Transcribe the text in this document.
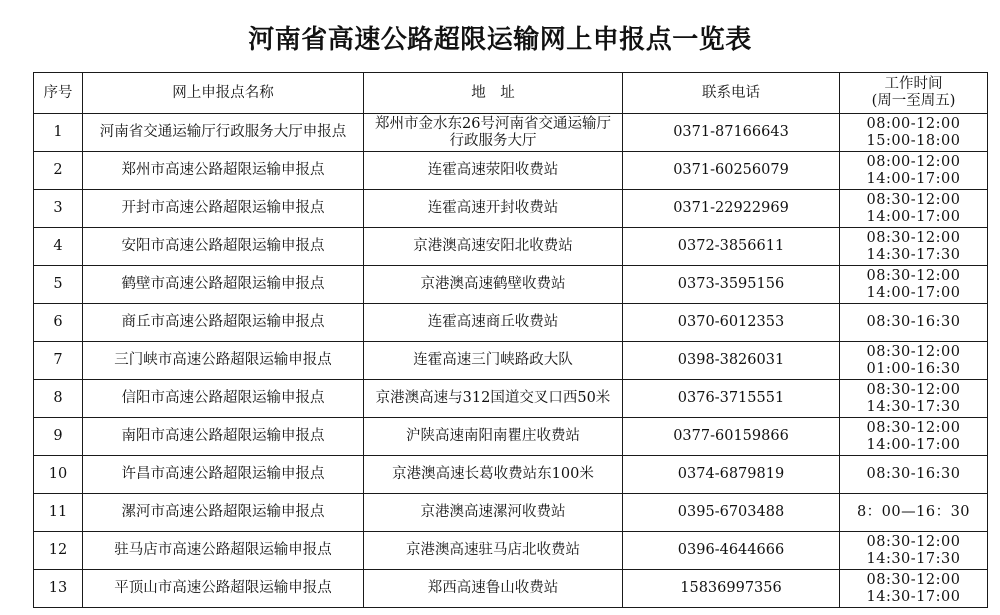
河南省高速公路超限运输网上申报点一览表
序号	网上申报点名称	地　址	联系电话	工作时间
(周一至周五)
1	河南省交通运输厅行政服务大厅申报点	郑州市金水东26号河南省交通运输厅
行政服务大厅	0371-87166643	08:00-12:00
15:00-18:00
2	郑州市高速公路超限运输申报点	连霍高速荥阳收费站	0371-60256079	08:00-12:00
14:00-17:00
3	开封市高速公路超限运输申报点	连霍高速开封收费站	0371-22922969	08:30-12:00
14:00-17:00
4	安阳市高速公路超限运输申报点	京港澳高速安阳北收费站	0372-3856611	08:30-12:00
14:30-17:30
5	鹤壁市高速公路超限运输申报点	京港澳高速鹤壁收费站	0373-3595156	08:30-12:00
14:00-17:00
6	商丘市高速公路超限运输申报点	连霍高速商丘收费站	0370-6012353	08:30-16:30
7	三门峡市高速公路超限运输申报点	连霍高速三门峡路政大队	0398-3826031	08:30-12:00
01:00-16:30
8	信阳市高速公路超限运输申报点	京港澳高速与312国道交叉口西50米	0376-3715551	08:30-12:00
14:30-17:30
9	南阳市高速公路超限运输申报点	沪陕高速南阳南瞿庄收费站	0377-60159866	08:30-12:00
14:00-17:00
10	许昌市高速公路超限运输申报点	京港澳高速长葛收费站东100米	0374-6879819	08:30-16:30
11	漯河市高速公路超限运输申报点	京港澳高速漯河收费站	0395-6703488	8：00—16：30
12	驻马店市高速公路超限运输申报点	京港澳高速驻马店北收费站	0396-4644666	08:30-12:00
14:30-17:30
13	平顶山市高速公路超限运输申报点	郑西高速鲁山收费站	15836997356	08:30-12:00
14:30-17:00
